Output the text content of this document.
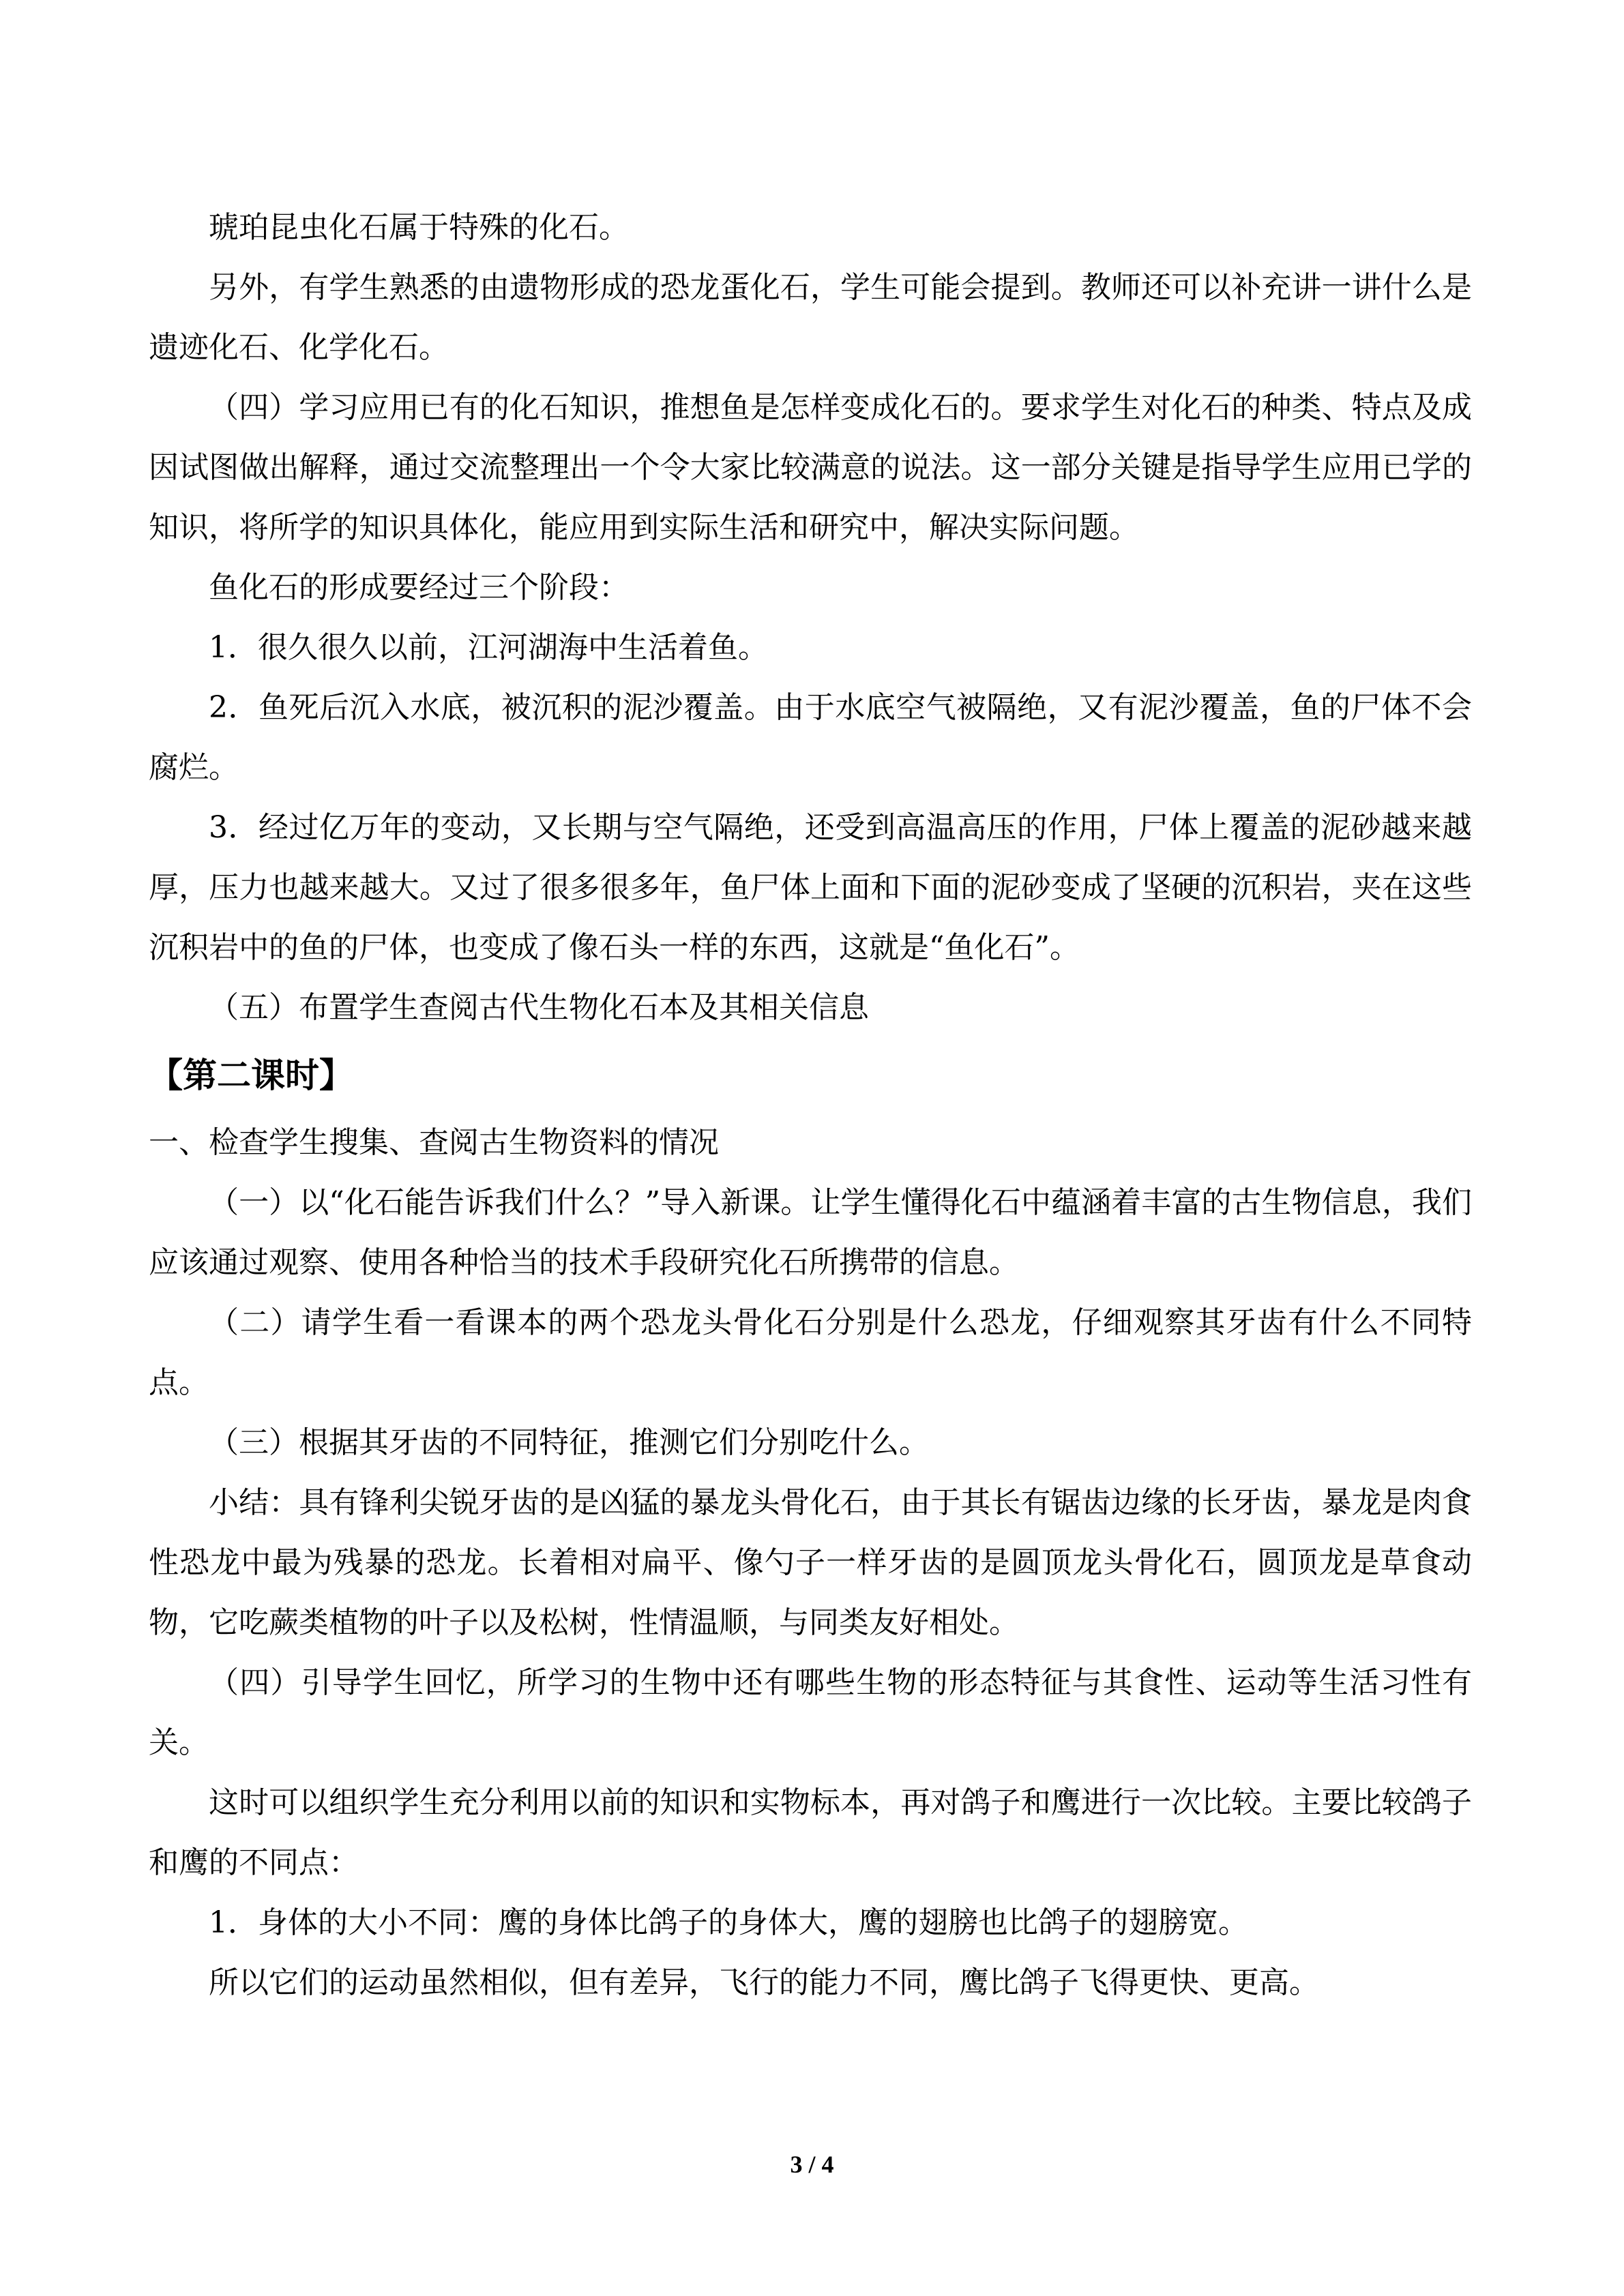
琥珀昆虫化石属于特殊的化石。

另外，有学生熟悉的由遗物形成的恐龙蛋化石，学生可能会提到。教师还可以补充讲一讲什么是遗迹化石、化学化石。

（四）学习应用已有的化石知识，推想鱼是怎样变成化石的。要求学生对化石的种类、特点及成因试图做出解释，通过交流整理出一个令大家比较满意的说法。这一部分关键是指导学生应用已学的知识，将所学的知识具体化，能应用到实际生活和研究中，解决实际问题。

鱼化石的形成要经过三个阶段：

1．很久很久以前，江河湖海中生活着鱼。

2．鱼死后沉入水底，被沉积的泥沙覆盖。由于水底空气被隔绝，又有泥沙覆盖，鱼的尸体不会腐烂。

3．经过亿万年的变动，又长期与空气隔绝，还受到高温高压的作用，尸体上覆盖的泥砂越来越厚，压力也越来越大。又过了很多很多年，鱼尸体上面和下面的泥砂变成了坚硬的沉积岩，夹在这些沉积岩中的鱼的尸体，也变成了像石头一样的东西，这就是“鱼化石”。

（五）布置学生查阅古代生物化石本及其相关信息

【第二课时】

一、检查学生搜集、查阅古生物资料的情况

（一）以“化石能告诉我们什么？”导入新课。让学生懂得化石中蕴涵着丰富的古生物信息，我们应该通过观察、使用各种恰当的技术手段研究化石所携带的信息。

（二）请学生看一看课本的两个恐龙头骨化石分别是什么恐龙，仔细观察其牙齿有什么不同特点。

（三）根据其牙齿的不同特征，推测它们分别吃什么。

小结：具有锋利尖锐牙齿的是凶猛的暴龙头骨化石，由于其长有锯齿边缘的长牙齿，暴龙是肉食性恐龙中最为残暴的恐龙。长着相对扁平、像勺子一样牙齿的是圆顶龙头骨化石，圆顶龙是草食动物，它吃蕨类植物的叶子以及松树，性情温顺，与同类友好相处。

（四）引导学生回忆，所学习的生物中还有哪些生物的形态特征与其食性、运动等生活习性有关。

这时可以组织学生充分利用以前的知识和实物标本，再对鸽子和鹰进行一次比较。主要比较鸽子和鹰的不同点：

1．身体的大小不同：鹰的身体比鸽子的身体大，鹰的翅膀也比鸽子的翅膀宽。

所以它们的运动虽然相似，但有差异，飞行的能力不同，鹰比鸽子飞得更快、更高。

3 / 4
